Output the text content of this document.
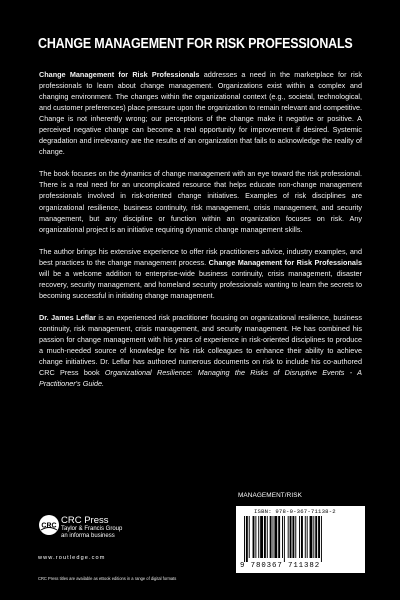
CHANGE MANAGEMENT FOR RISK PROFESSIONALS

Change Management for Risk Professionals addresses a need in the marketplace for risk professionals to learn about change management. Organizations exist within a complex and changing environment. The changes within the organizational context (e.g., societal, technological, and customer preferences) place pressure upon the organization to remain relevant and competitive. Change is not inherently wrong; our perceptions of the change make it negative or positive. A perceived negative change can become a real opportunity for improvement if desired. Systemic degradation and irrelevancy are the results of an organization that fails to acknowledge the reality of change.

The book focuses on the dynamics of change management with an eye toward the risk professional. There is a real need for an uncomplicated resource that helps educate non-change management professionals involved in risk-oriented change initiatives. Examples of risk disciplines are organizational resilience, business continuity, risk management, crisis management, and security management, but any discipline or function within an organization focuses on risk. Any organizational project is an initiative requiring dynamic change management skills.

The author brings his extensive experience to offer risk practitioners advice, industry examples, and best practices to the change management process. Change Management for Risk Professionals will be a welcome addition to enterprise-wide business continuity, crisis management, disaster recovery, security management, and homeland security professionals wanting to learn the secrets to becoming successful in initiating change management.

Dr. James Leflar is an experienced risk practitioner focusing on organizational resilience, business continuity, risk management, crisis management, and security management. He has combined his passion for change management with his years of experience in risk-oriented disciplines to produce a much-needed source of knowledge for his risk colleagues to enhance their ability to achieve change initiatives. Dr. Leflar has authored numerous documents on risk to include his co-authored CRC Press book Organizational Resilience: Managing the Risks of Disruptive Events - A Practitioner's Guide.

MANAGEMENT/RISK
ISBN: 978-0-367-71138-2
9 780367 711382
CRC CRC Press
Taylor & Francis Group
an informa business
www.routledge.com
CRC Press titles are available as eBook editions in a range of digital formats
